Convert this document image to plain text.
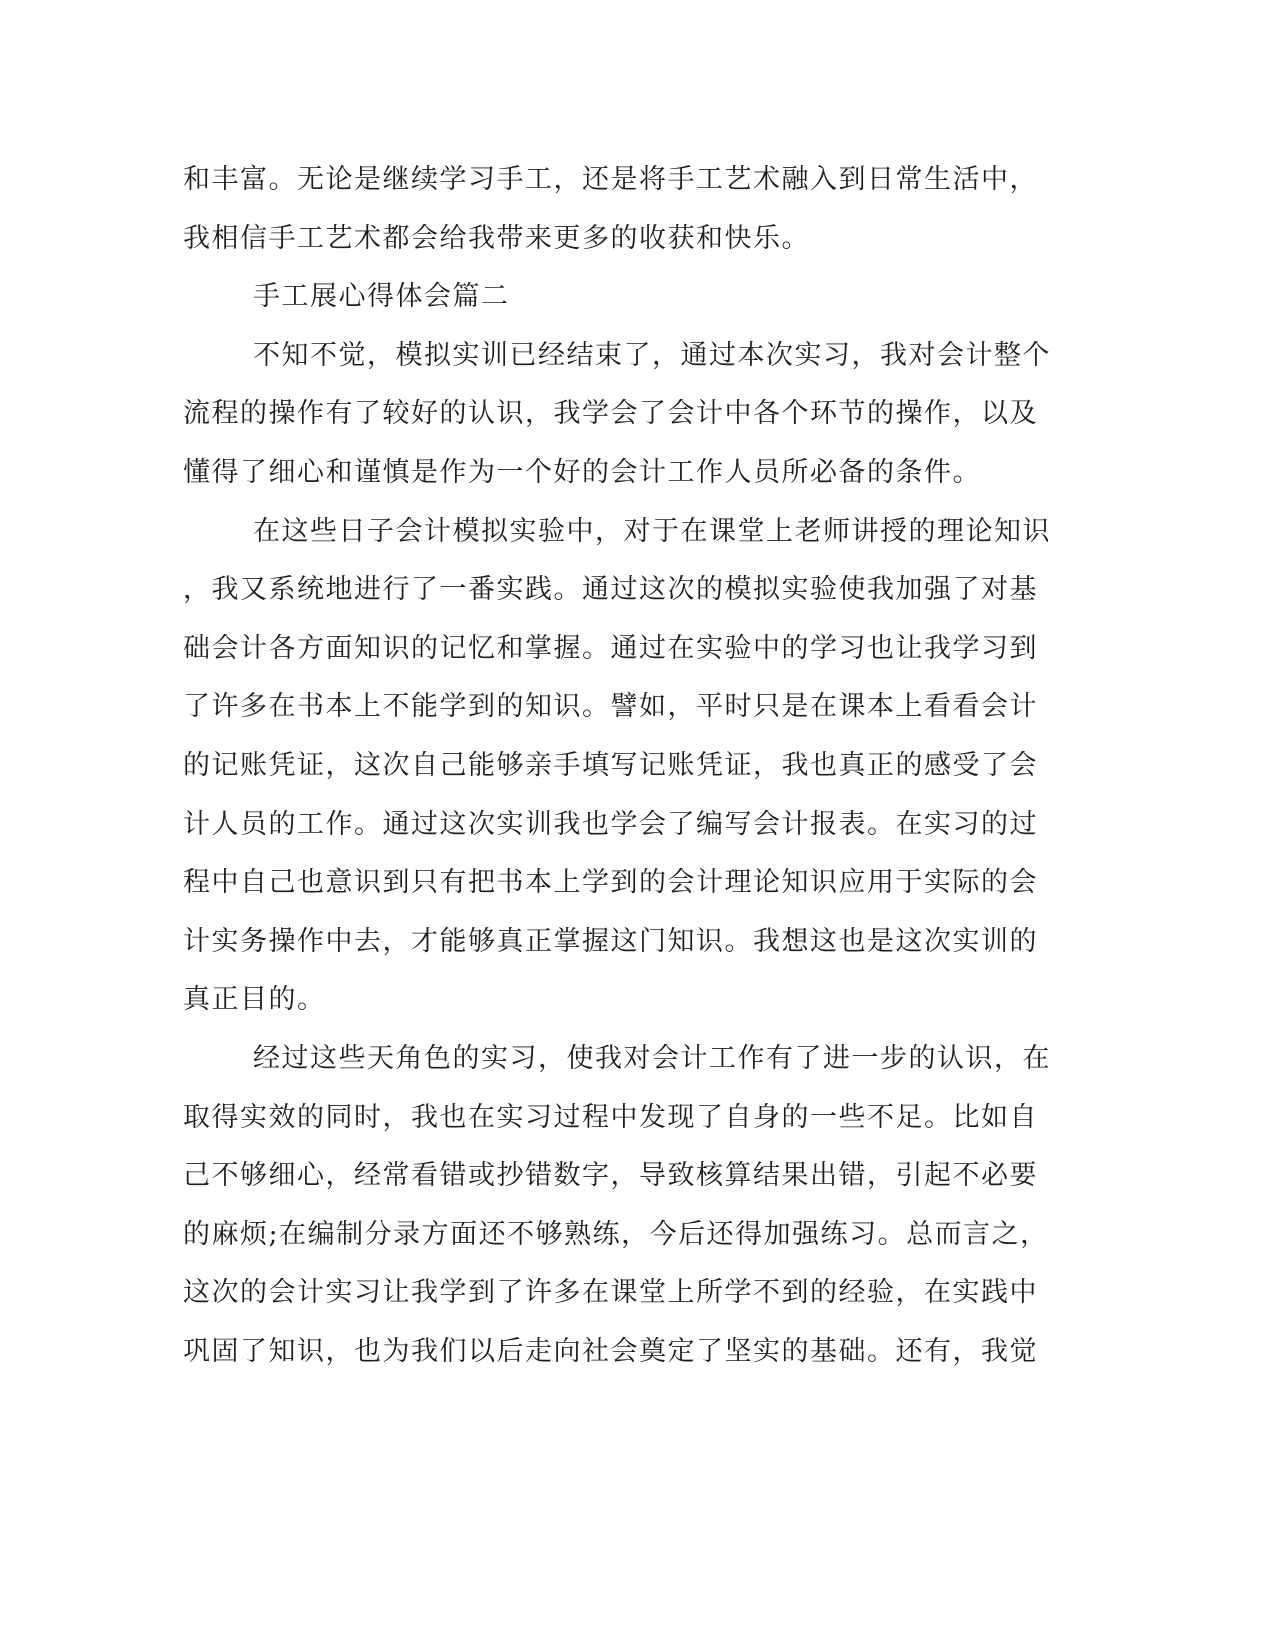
和丰富。无论是继续学习手工，还是将手工艺术融入到日常生活中，
我相信手工艺术都会给我带来更多的收获和快乐。
手工展心得体会篇二
不知不觉，模拟实训已经结束了，通过本次实习，我对会计整个
流程的操作有了较好的认识，我学会了会计中各个环节的操作，以及
懂得了细心和谨慎是作为一个好的会计工作人员所必备的条件。
在这些日子会计模拟实验中，对于在课堂上老师讲授的理论知识
，我又系统地进行了一番实践。通过这次的模拟实验使我加强了对基
础会计各方面知识的记忆和掌握。通过在实验中的学习也让我学习到
了许多在书本上不能学到的知识。譬如，平时只是在课本上看看会计
的记账凭证，这次自己能够亲手填写记账凭证，我也真正的感受了会
计人员的工作。通过这次实训我也学会了编写会计报表。在实习的过
程中自己也意识到只有把书本上学到的会计理论知识应用于实际的会
计实务操作中去，才能够真正掌握这门知识。我想这也是这次实训的
真正目的。
经过这些天角色的实习，使我对会计工作有了进一步的认识，在
取得实效的同时，我也在实习过程中发现了自身的一些不足。比如自
己不够细心，经常看错或抄错数字，导致核算结果出错，引起不必要
的麻烦;在编制分录方面还不够熟练，今后还得加强练习。总而言之，
这次的会计实习让我学到了许多在课堂上所学不到的经验，在实践中
巩固了知识，也为我们以后走向社会奠定了坚实的基础。还有，我觉
